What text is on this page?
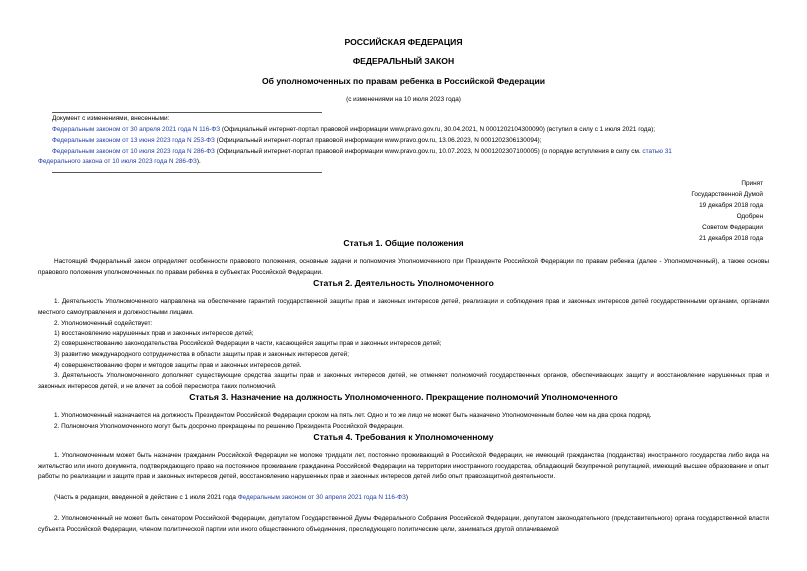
РОССИЙСКАЯ ФЕДЕРАЦИЯ
ФЕДЕРАЛЬНЫЙ ЗАКОН
Об уполномоченных по правам ребенка в Российской Федерации
(с изменениями на 10 июля 2023 года)
Документ с изменениями, внесенными:
Федеральным законом от 30 апреля 2021 года N 116-ФЗ (Официальный интернет-портал правовой информации www.pravo.gov.ru, 30.04.2021, N 0001202104300090) (вступил в силу с 1 июля 2021 года);
Федеральным законом от 13 июня 2023 года N 253-ФЗ (Официальный интернет-портал правовой информации www.pravo.gov.ru, 13.06.2023, N 0001202306130094);
Федеральным законом от 10 июля 2023 года N 286-ФЗ (Официальный интернет-портал правовой информации www.pravo.gov.ru, 10.07.2023, N 0001202307100005) (о порядке вступления в силу см. статью 31
Федерального закона от 10 июля 2023 года N 286-ФЗ).
Принят
Государственной Думой
19 декабря 2018 года
Одобрен
Советом Федерации
21 декабря 2018 года
Статья 1. Общие положения
Настоящий Федеральный закон определяет особенности правового положения, основные задачи и полномочия Уполномоченного при Президенте Российской Федерации по правам ребенка (далее - Уполномоченный), а также основы правового положения уполномоченных по правам ребенка в субъектах Российской Федерации.
Статья 2. Деятельность Уполномоченного
1. Деятельность Уполномоченного направлена на обеспечение гарантий государственной защиты прав и законных интересов детей, реализации и соблюдения прав и законных интересов детей государственными органами, органами местного самоуправления и должностными лицами.
2. Уполномоченный содействует:
1) восстановлению нарушенных прав и законных интересов детей;
2) совершенствованию законодательства Российской Федерации в части, касающейся защиты прав и законных интересов детей;
3) развитию международного сотрудничества в области защиты прав и законных интересов детей;
4) совершенствованию форм и методов защиты прав и законных интересов детей.
3. Деятельность Уполномоченного дополняет существующие средства защиты прав и законных интересов детей, не отменяет полномочий государственных органов, обеспечивающих защиту и восстановление нарушенных прав и законных интересов детей, и не влечет за собой пересмотра таких полномочий.
Статья 3. Назначение на должность Уполномоченного. Прекращение полномочий Уполномоченного
1. Уполномоченный назначается на должность Президентом Российской Федерации сроком на пять лет. Одно и то же лицо не может быть назначено Уполномоченным более чем на два срока подряд.
2. Полномочия Уполномоченного могут быть досрочно прекращены по решению Президента Российской Федерации.
Статья 4. Требования к Уполномоченному
1. Уполномоченным может быть назначен гражданин Российской Федерации не моложе тридцати лет, постоянно проживающий в Российской Федерации, не имеющий гражданства (подданства) иностранного государства либо вида на жительство или иного документа, подтверждающего право на постоянное проживание гражданина Российской Федерации на территории иностранного государства, обладающий безупречной репутацией, имеющий высшее образование и опыт работы по реализации и защите прав и законных интересов детей, восстановлению нарушенных прав и законных интересов детей либо опыт правозащитной деятельности.
(Часть в редакции, введенной в действие с 1 июля 2021 года Федеральным законом от 30 апреля 2021 года N 116-ФЗ)
2. Уполномоченный не может быть сенатором Российской Федерации, депутатом Государственной Думы Федерального Собрания Российской Федерации, депутатом законодательного (представительного) органа государственной власти субъекта Российской Федерации, членом политической партии или иного общественного объединения, преследующего политические цели, заниматься другой оплачиваемой
